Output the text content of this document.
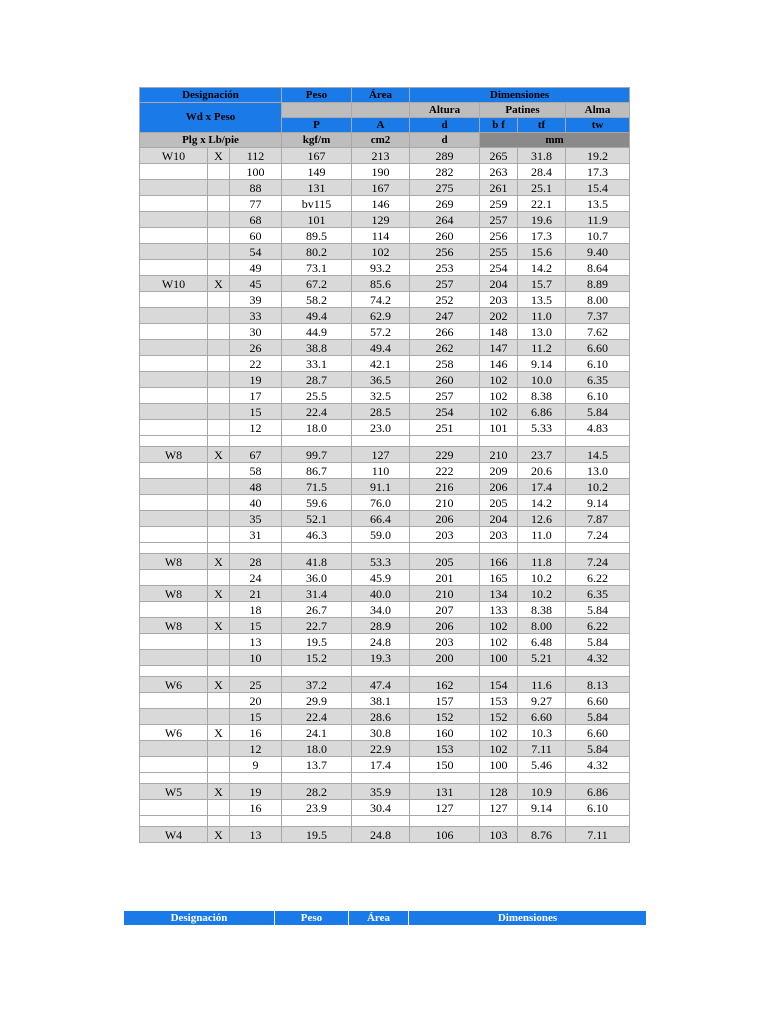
Designación			Peso	Área	Dimensiones			
Wd x Peso					Altura	Patines		Alma
			P	A	d	b f	tf	tw
Plg x Lb/pie			kgf/m	cm2	d	mm		
W10	X	112	167	213	289	265	31.8	19.2
		100	149	190	282	263	28.4	17.3
		88	131	167	275	261	25.1	15.4
		77	bv115	146	269	259	22.1	13.5
		68	101	129	264	257	19.6	11.9
		60	89.5	114	260	256	17.3	10.7
		54	80.2	102	256	255	15.6	9.40
		49	73.1	93.2	253	254	14.2	8.64
W10	X	45	67.2	85.6	257	204	15.7	8.89
		39	58.2	74.2	252	203	13.5	8.00
		33	49.4	62.9	247	202	11.0	7.37
		30	44.9	57.2	266	148	13.0	7.62
		26	38.8	49.4	262	147	11.2	6.60
		22	33.1	42.1	258	146	9.14	6.10
		19	28.7	36.5	260	102	10.0	6.35
		17	25.5	32.5	257	102	8.38	6.10
		15	22.4	28.5	254	102	6.86	5.84
		12	18.0	23.0	251	101	5.33	4.83

W8	X	67	99.7	127	229	210	23.7	14.5
		58	86.7	110	222	209	20.6	13.0
		48	71.5	91.1	216	206	17.4	10.2
		40	59.6	76.0	210	205	14.2	9.14
		35	52.1	66.4	206	204	12.6	7.87
		31	46.3	59.0	203	203	11.0	7.24

W8	X	28	41.8	53.3	205	166	11.8	7.24
		24	36.0	45.9	201	165	10.2	6.22
W8	X	21	31.4	40.0	210	134	10.2	6.35
		18	26.7	34.0	207	133	8.38	5.84
W8	X	15	22.7	28.9	206	102	8.00	6.22
		13	19.5	24.8	203	102	6.48	5.84
		10	15.2	19.3	200	100	5.21	4.32

W6	X	25	37.2	47.4	162	154	11.6	8.13
		20	29.9	38.1	157	153	9.27	6.60
		15	22.4	28.6	152	152	6.60	5.84
W6	X	16	24.1	30.8	160	102	10.3	6.60
		12	18.0	22.9	153	102	7.11	5.84
		9	13.7	17.4	150	100	5.46	4.32

W5	X	19	28.2	35.9	131	128	10.9	6.86
		16	23.9	30.4	127	127	9.14	6.10

W4	X	13	19.5	24.8	106	103	8.76	7.11
Designación	Peso	Área	Dimensiones
